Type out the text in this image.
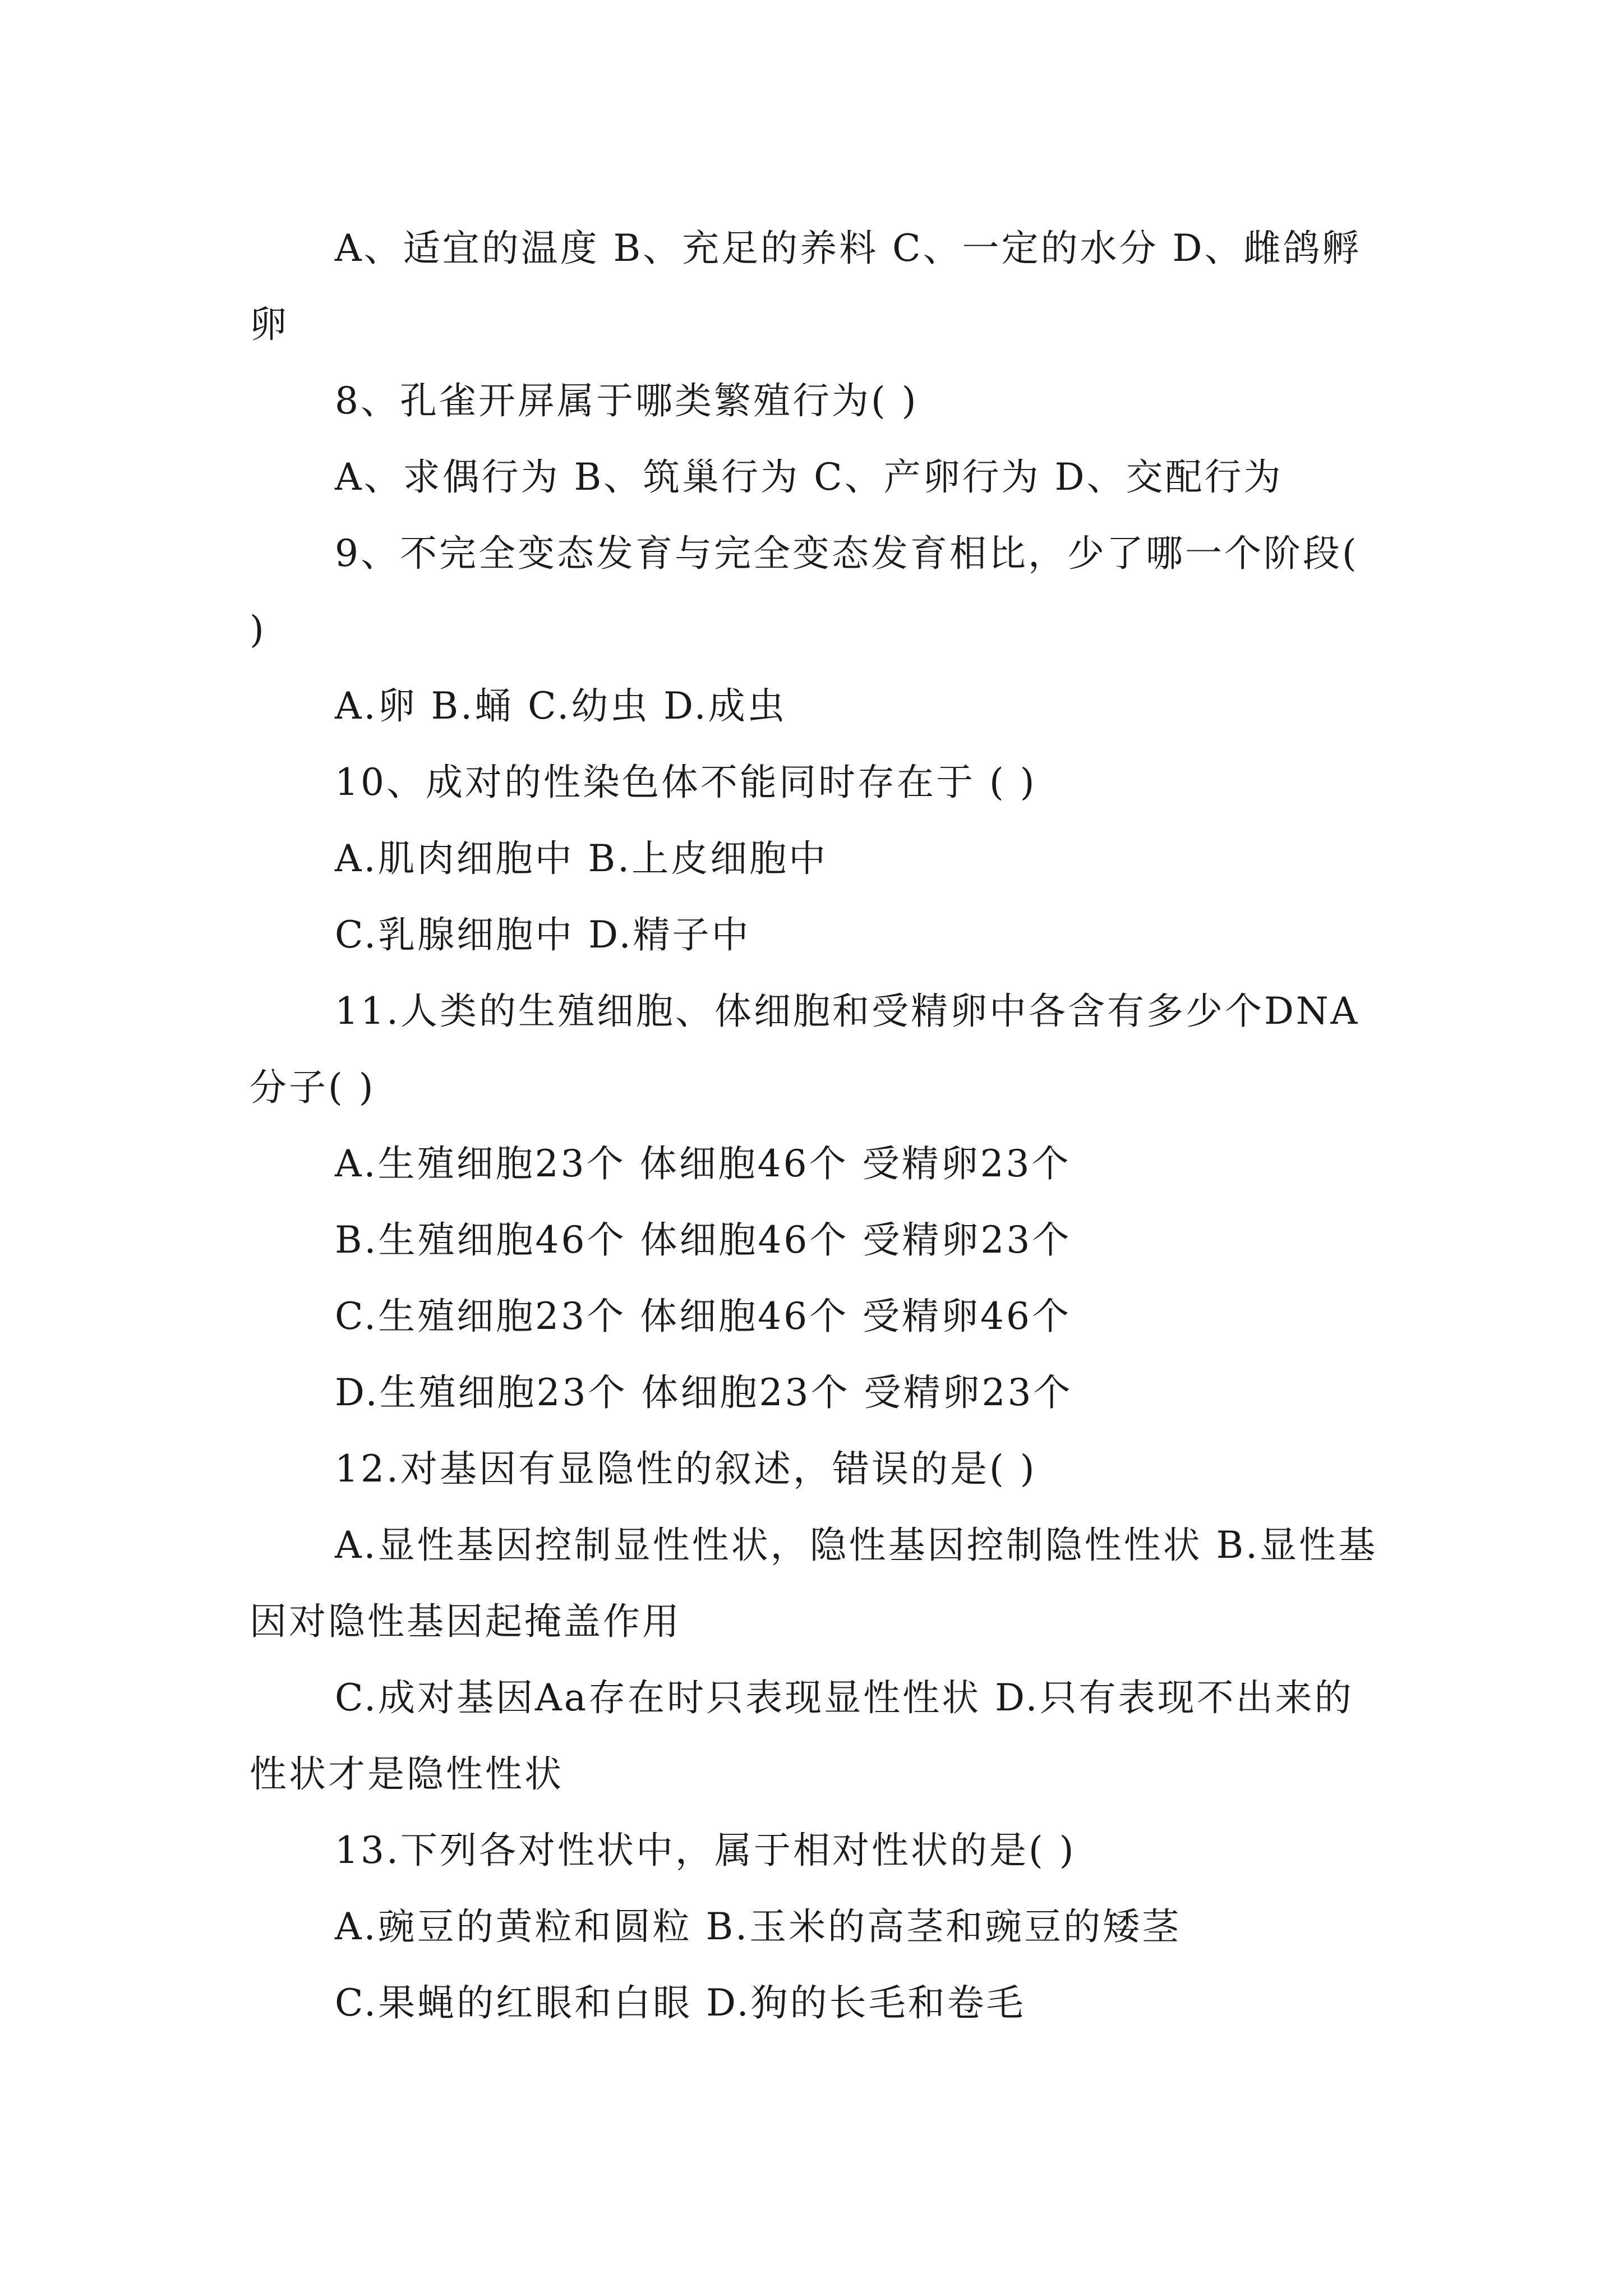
A、适宜的温度 B、充足的养料 C、一定的水分 D、雌鸽孵卵

8、孔雀开屏属于哪类繁殖行为( )

A、求偶行为 B、筑巢行为 C、产卵行为 D、交配行为

9、不完全变态发育与完全变态发育相比，少了哪一个阶段( )

A.卵 B.蛹 C.幼虫 D.成虫

10、成对的性染色体不能同时存在于 ( )

A.肌肉细胞中 B.上皮细胞中

C.乳腺细胞中 D.精子中

11.人类的生殖细胞、体细胞和受精卵中各含有多少个DNA分子( )

A.生殖细胞23个 体细胞46个 受精卵23个

B.生殖细胞46个 体细胞46个 受精卵23个

C.生殖细胞23个 体细胞46个 受精卵46个

D.生殖细胞23个 体细胞23个 受精卵23个

12.对基因有显隐性的叙述，错误的是( )

A.显性基因控制显性性状，隐性基因控制隐性性状 B.显性基因对隐性基因起掩盖作用

C.成对基因Aa存在时只表现显性性状 D.只有表现不出来的性状才是隐性性状

13.下列各对性状中，属于相对性状的是( )

A.豌豆的黄粒和圆粒 B.玉米的高茎和豌豆的矮茎

C.果蝇的红眼和白眼 D.狗的长毛和卷毛
